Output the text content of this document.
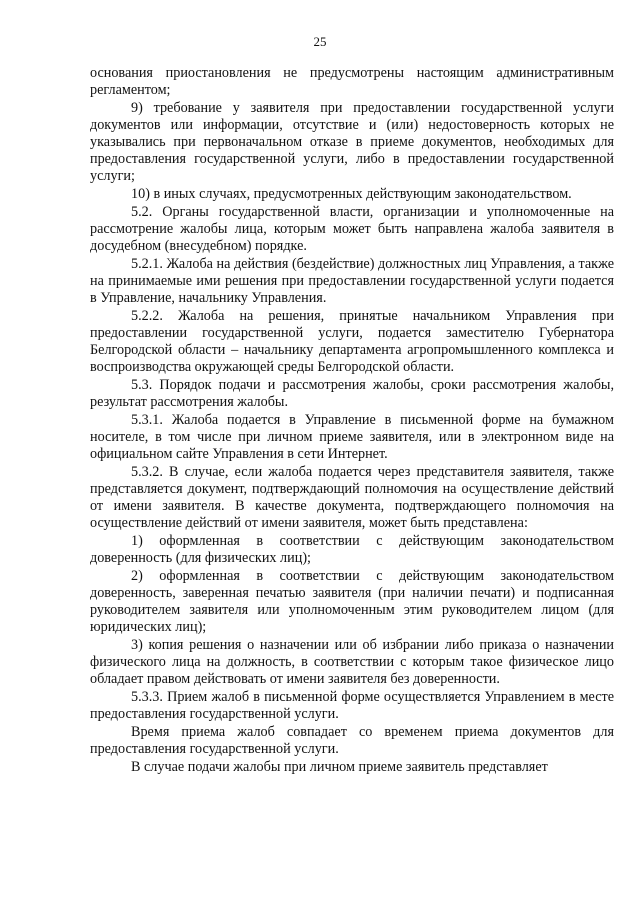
25

основания приостановления не предусмотрены настоящим административным регламентом;

9) требование у заявителя при предоставлении государственной услуги документов или информации, отсутствие и (или) недостоверность которых не указывались при первоначальном отказе в приеме документов, необходимых для предоставления государственной услуги, либо в предоставлении государственной услуги;

10) в иных случаях, предусмотренных действующим законодательством.

5.2. Органы государственной власти, организации и уполномоченные на рассмотрение жалобы лица, которым может быть направлена жалоба заявителя в досудебном (внесудебном) порядке.

5.2.1. Жалоба на действия (бездействие) должностных лиц Управления, а также на принимаемые ими решения при предоставлении государственной услуги подается в Управление, начальнику Управления.

5.2.2. Жалоба на решения, принятые начальником Управления при предоставлении государственной услуги, подается заместителю Губернатора Белгородской области – начальнику департамента агропромышленного комплекса и воспроизводства окружающей среды Белгородской области.

5.3. Порядок подачи и рассмотрения жалобы, сроки рассмотрения жалобы, результат рассмотрения жалобы.

5.3.1. Жалоба подается в Управление в письменной форме на бумажном носителе, в том числе при личном приеме заявителя, или в электронном виде на официальном сайте Управления в сети Интернет.

5.3.2. В случае, если жалоба подается через представителя заявителя, также представляется документ, подтверждающий полномочия на осуществление действий от имени заявителя. В качестве документа, подтверждающего полномочия на осуществление действий от имени заявителя, может быть представлена:

1) оформленная в соответствии с действующим законодательством доверенность (для физических лиц);

2) оформленная в соответствии с действующим законодательством доверенность, заверенная печатью заявителя (при наличии печати) и подписанная руководителем заявителя или уполномоченным этим руководителем лицом (для юридических лиц);

3) копия решения о назначении или об избрании либо приказа о назначении физического лица на должность, в соответствии с которым такое физическое лицо обладает правом действовать от имени заявителя без доверенности.

5.3.3. Прием жалоб в письменной форме осуществляется Управлением в месте предоставления государственной услуги.

Время приема жалоб совпадает со временем приема документов для предоставления государственной услуги.

В случае подачи жалобы при личном приеме заявитель представляет
